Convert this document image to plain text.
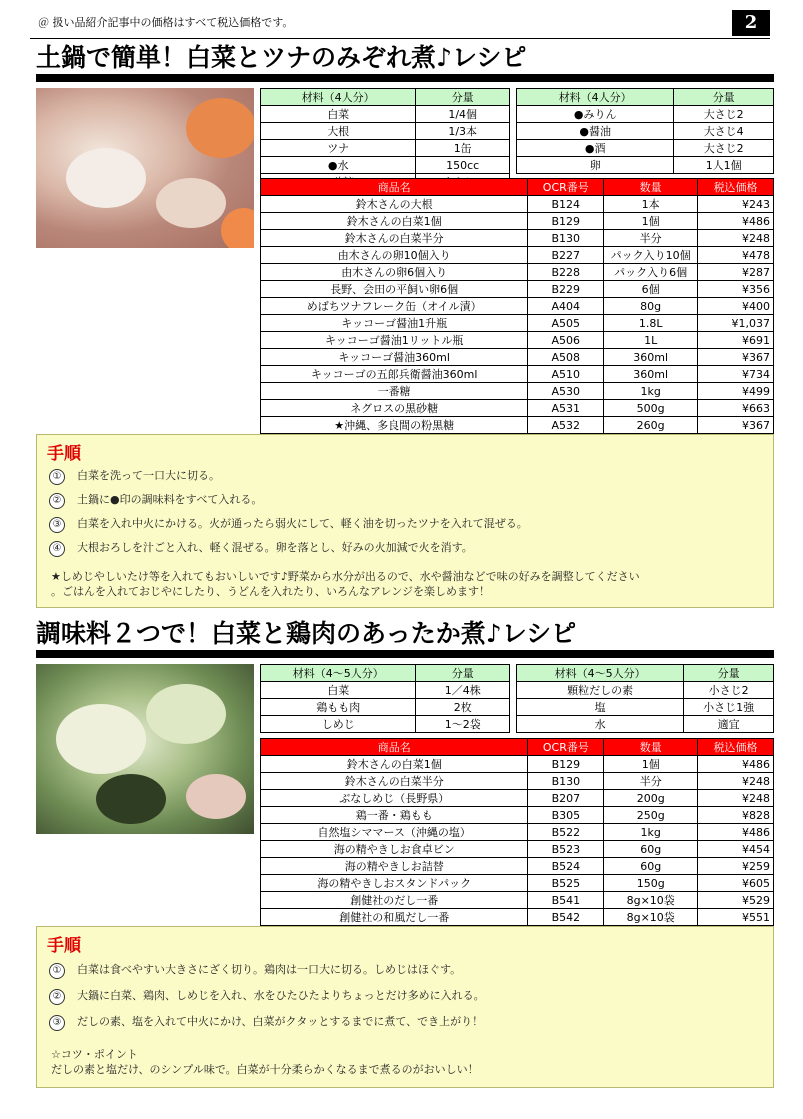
＠ 扱い品紹介記事中の価格はすべて税込価格です。	2
土鍋で簡単！白菜とツナのみぞれ煮♪レシピ
材料（4人分）	分量
白菜	1/4個
大根	1/3本
ツナ	1缶
●水	150cc

材料（4人分）	分量
●みりん	大さじ2
●醤油	大さじ4
●酒	大さじ2
卵	1人1個
商品名	OCR番号	数量	税込価格
鈴木さんの大根	B124	1本	¥243
鈴木さんの白菜1個	B129	1個	¥486
鈴木さんの白菜半分	B130	半分	¥248
由木さんの卵10個入り	B227	パック入り10個	¥478
由木さんの卵6個入り	B228	パック入り6個	¥287
長野、会田の平飼い卵6個	B229	6個	¥356
めばちツナフレーク缶（オイル漬）	A404	80g	¥400
キッコーゴ醤油1升瓶	A505	1.8L	¥1,037
キッコーゴ醤油1リットル瓶	A506	1L	¥691
キッコーゴ醤油360ml	A508	360ml	¥367
キッコーゴの五郎兵衛醤油360ml	A510	360ml	¥734
一番糖	A530	1kg	¥499
ネグロスの黒砂糖	A531	500g	¥663
★沖縄、多良間の粉黒糖	A532	260g	¥367

手順
① 白菜を洗って一口大に切る。
② 土鍋に●印の調味料をすべて入れる。
③ 白菜を入れ中火にかける。火が通ったら弱火にして、軽く油を切ったツナを入れて混ぜる。
④ 大根おろしを汁ごと入れ、軽く混ぜる。卵を落とし、好みの火加減で火を消す。
★しめじやしいたけ等を入れてもおいしいです♪野菜から水分が出るので、水や醤油などで味の好みを調整してください
。ごはんを入れておじやにしたり、うどんを入れたり、いろんなアレンジを楽しめます！
調味料２つで！白菜と鶏肉のあったか煮♪レシピ
材料（4～5人分）	分量
白菜	1／4株
鶏もも肉	2枚
しめじ	1～2袋
材料（4～5人分）	分量
顆粒だしの素	小さじ2
塩	小さじ1強
水	適宜
商品名	OCR番号	数量	税込価格
鈴木さんの白菜1個	B129	1個	¥486
鈴木さんの白菜半分	B130	半分	¥248
ぶなしめじ（長野県）	B207	200g	¥248
鶏一番・鶏もも	B305	250g	¥828
自然塩シママース（沖縄の塩）	B522	1kg	¥486
海の精やきしお食卓ビン	B523	60g	¥454
海の精やきしお詰替	B524	60g	¥259
海の精やきしおスタンドパック	B525	150g	¥605
創健社のだし一番	B541	8g×10袋	¥529
創健社の和風だし一番	B542	8g×10袋	¥551
手順
① 白菜は食べやすい大きさにざく切り。鶏肉は一口大に切る。しめじはほぐす。
② 大鍋に白菜、鶏肉、しめじを入れ、水をひたひたよりちょっとだけ多めに入れる。
③ だしの素、塩を入れて中火にかけ、白菜がクタッとするまでに煮て、でき上がり！
☆コツ・ポイント
だしの素と塩だけ、のシンプル味で。白菜が十分柔らかくなるまで煮るのがおいしい！
